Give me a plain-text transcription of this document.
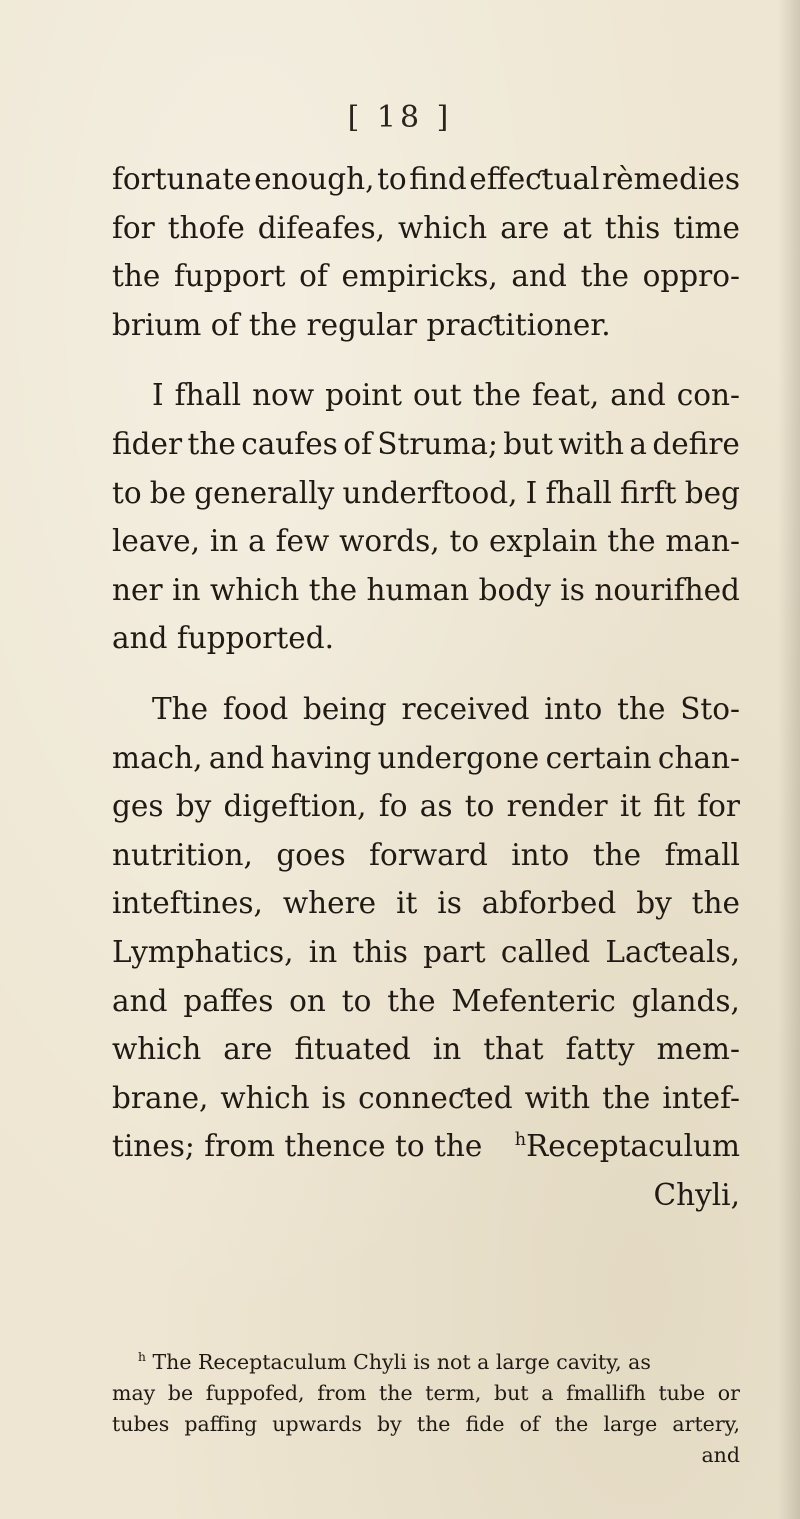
[ 18 ]
fortunate enough, to find effeƈtual rèmedies
for thofe difeafes, which are at this time
the fupport of empiricks, and the oppro-
brium of the regular praƈtitioner.
I fhall now point out the feat, and con-
fider the caufes of Struma; but with a defire
to be generally underftood, I fhall firft beg
leave, in a few words, to explain the man-
ner in which the human body is nourifhed
and fupported.
The food being received into the Sto-
mach, and having undergone certain chan-
ges by digeftion, fo as to render it fit for
nutrition, goes forward into the fmall
inteftines, where it is abforbed by the
Lymphatics, in this part called Laƈteals,
and paffes on to the Mefenteric glands,
which are fituated in that fatty mem-
brane, which is conneƈted with the intef-
tines; from thence to the $^h$Receptaculum
Chyli,
$^h$ The Receptaculum Chyli is not a large cavity, as
may be fuppofed, from the term, but a fmallifh tube or
tubes paffing upwards by the fide of the large artery,
and
